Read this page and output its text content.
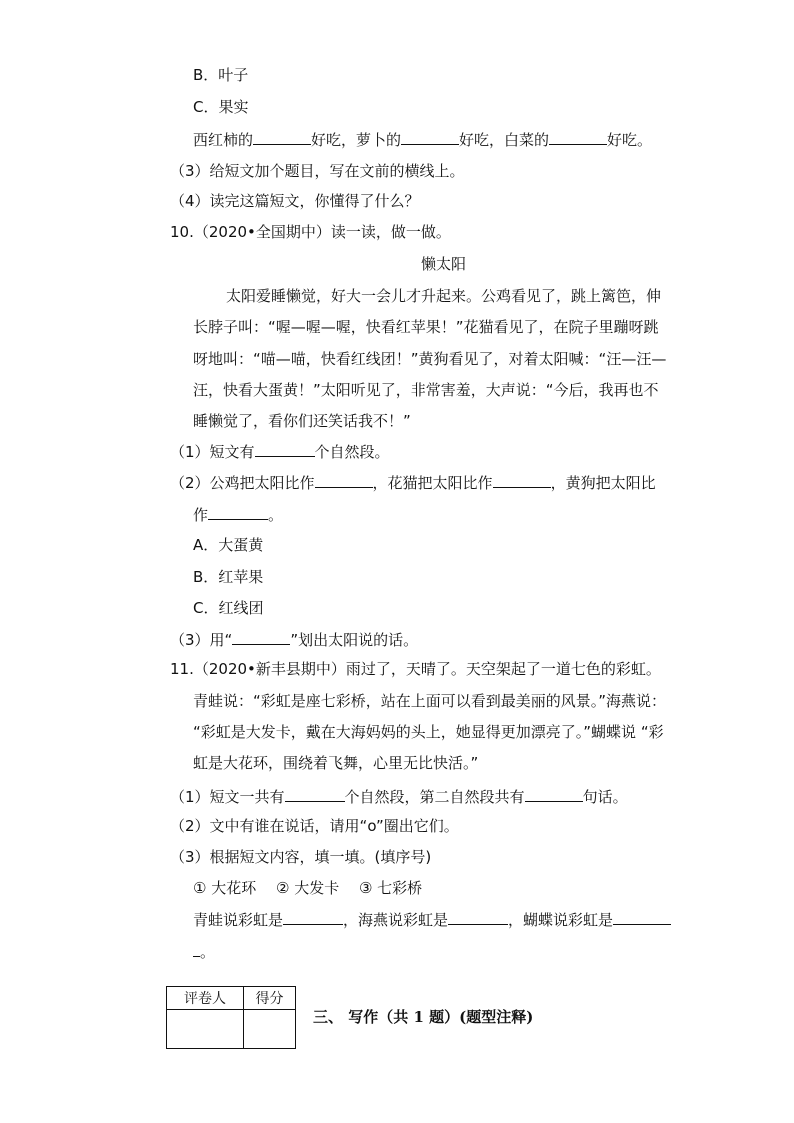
B．叶子
C．果实
西红柿的	好吃，萝卜的	好吃，白菜的	好吃。
（3）给短文加个题目，写在文前的横线上。
（4）读完这篇短文，你懂得了什么？
10.（2020•全国期中）读一读，做一做。
懒太阳
太阳爱睡懒觉，好大一会儿才升起来。公鸡看见了，跳上篱笆，伸
长脖子叫：“喔—喔—喔，快看红苹果！”花猫看见了，在院子里蹦呀跳
呀地叫：“喵—喵，快看红线团！”黄狗看见了，对着太阳喊：“汪—汪—
汪，快看大蛋黄！”太阳听见了，非常害羞，大声说：“今后，我再也不
睡懒觉了，看你们还笑话我不！”
（1）短文有	个自然段。
（2）公鸡把太阳比作	，花猫把太阳比作	，黄狗把太阳比
作	。
A．大蛋黄
B．红苹果
C．红线团
（3）用“	”划出太阳说的话。
11.（2020•新丰县期中）雨过了，天晴了。天空架起了一道七色的彩虹。
青蛙说：“彩虹是座七彩桥，站在上面可以看到最美丽的风景。”海燕说：
“彩虹是大发卡，戴在大海妈妈的头上，她显得更加漂亮了。”蝴蝶说 “彩
虹是大花环，围绕着飞舞，心里无比快活。”
（1）短文一共有	个自然段，第二自然段共有	句话。
（2）文中有谁在说话，请用“o”圈出它们。
（3）根据短文内容，填一填。(填序号)
① 大花环　 ② 大发卡　 ③ 七彩桥
青蛙说彩虹是	，海燕说彩虹是	，蝴蝶说彩虹是
。
评卷人	得分

三、 写作（共 1 题）(题型注释)
